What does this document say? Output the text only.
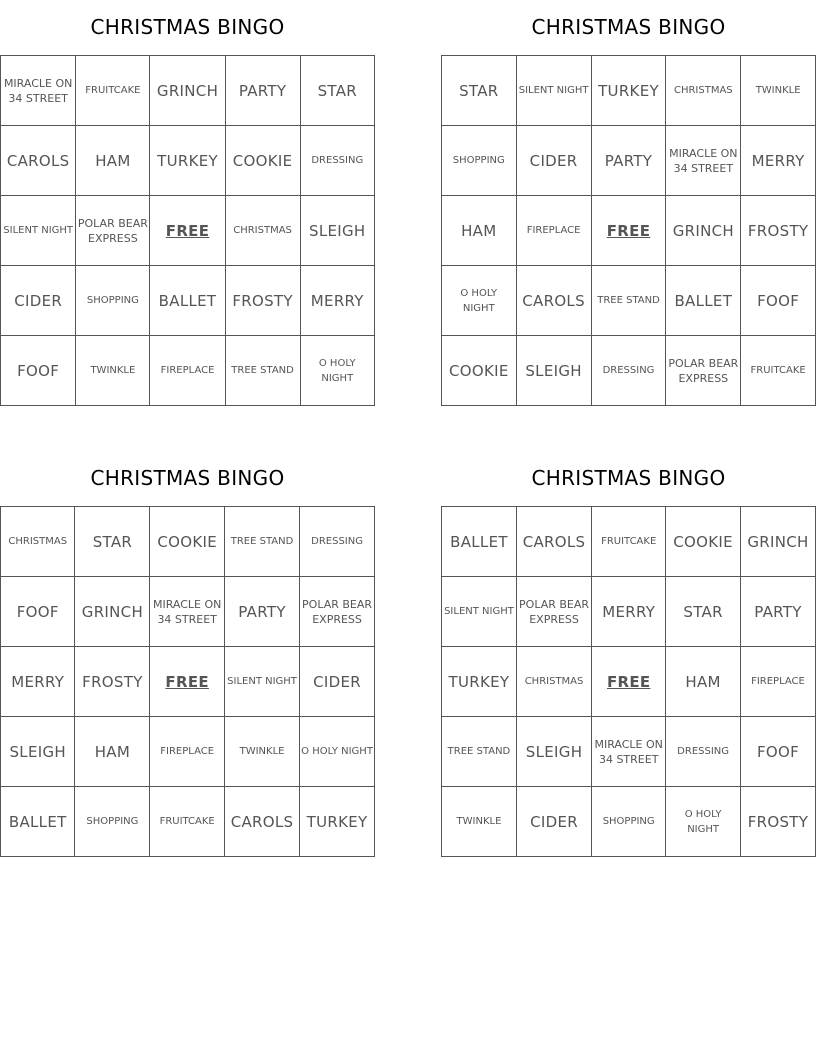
CHRISTMAS BINGO
MIRACLE ON 34 STREET	FRUITCAKE	GRINCH	PARTY	STAR
CAROLS	HAM	TURKEY	COOKIE	DRESSING
SILENT NIGHT	POLAR BEAR EXPRESS	FREE	CHRISTMAS	SLEIGH
CIDER	SHOPPING	BALLET	FROSTY	MERRY
FOOF	TWINKLE	FIREPLACE	TREE STAND	O HOLY NIGHT
CHRISTMAS BINGO
STAR	SILENT NIGHT	TURKEY	CHRISTMAS	TWINKLE
SHOPPING	CIDER	PARTY	MIRACLE ON 34 STREET	MERRY
HAM	FIREPLACE	FREE	GRINCH	FROSTY
O HOLY NIGHT	CAROLS	TREE STAND	BALLET	FOOF
COOKIE	SLEIGH	DRESSING	POLAR BEAR EXPRESS	FRUITCAKE
CHRISTMAS BINGO
CHRISTMAS	STAR	COOKIE	TREE STAND	DRESSING
FOOF	GRINCH	MIRACLE ON 34 STREET	PARTY	POLAR BEAR EXPRESS
MERRY	FROSTY	FREE	SILENT NIGHT	CIDER
SLEIGH	HAM	FIREPLACE	TWINKLE	O HOLY NIGHT
BALLET	SHOPPING	FRUITCAKE	CAROLS	TURKEY
CHRISTMAS BINGO
BALLET	CAROLS	FRUITCAKE	COOKIE	GRINCH
SILENT NIGHT	POLAR BEAR EXPRESS	MERRY	STAR	PARTY
TURKEY	CHRISTMAS	FREE	HAM	FIREPLACE
TREE STAND	SLEIGH	MIRACLE ON 34 STREET	DRESSING	FOOF
TWINKLE	CIDER	SHOPPING	O HOLY NIGHT	FROSTY
